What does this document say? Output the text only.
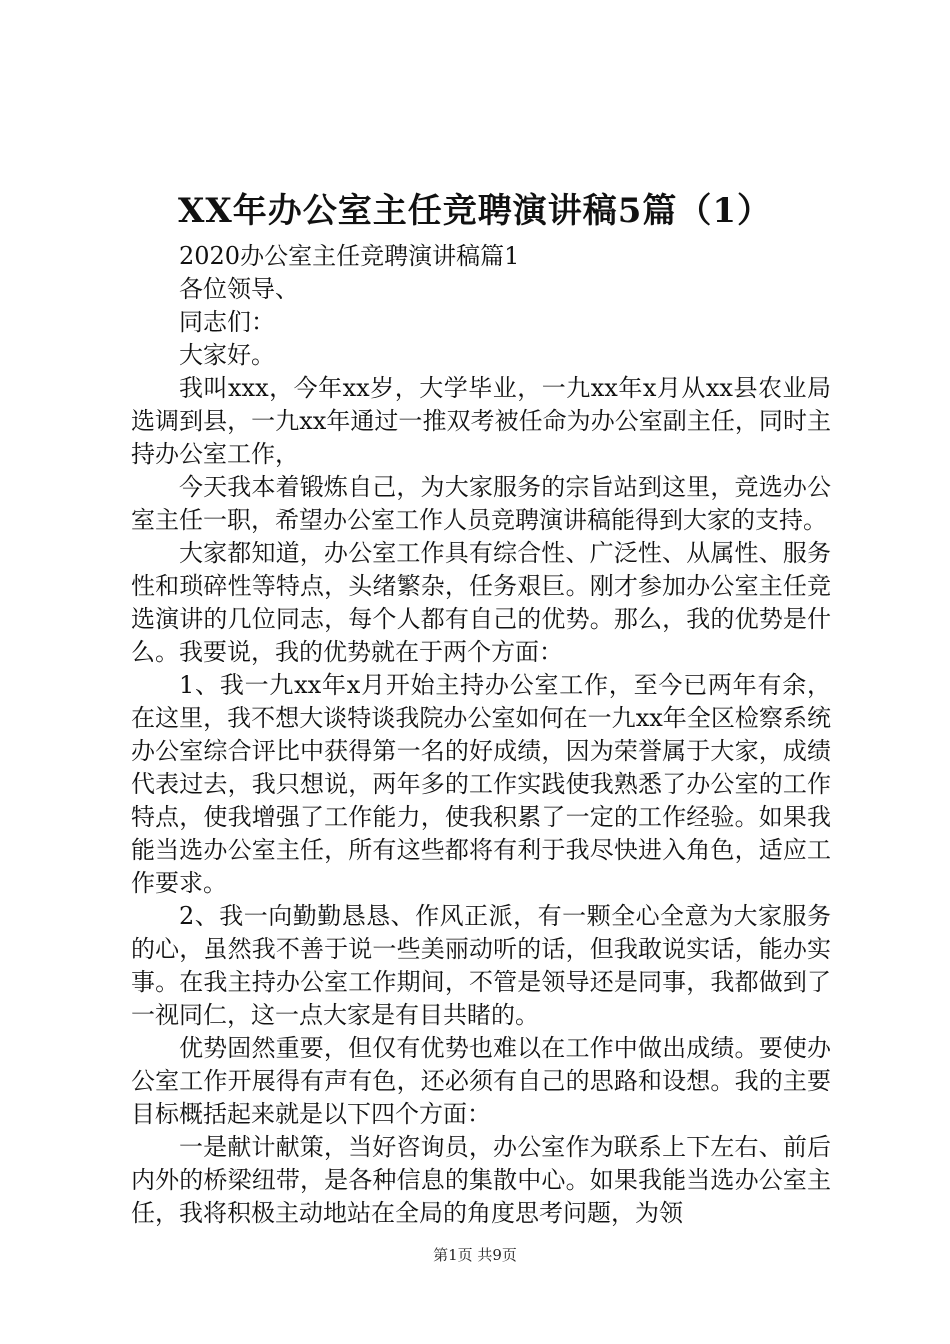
XX年办公室主任竞聘演讲稿5篇（1）

2020办公室主任竞聘演讲稿篇1

各位领导、

同志们：

大家好。

我叫xxx，今年xx岁，大学毕业，一九xx年x月从xx县农业局选调到县，一九xx年通过一推双考被任命为办公室副主任，同时主持办公室工作，

今天我本着锻炼自己，为大家服务的宗旨站到这里，竞选办公室主任一职，希望办公室工作人员竞聘演讲稿能得到大家的支持。

大家都知道，办公室工作具有综合性、广泛性、从属性、服务性和琐碎性等特点，头绪繁杂，任务艰巨。刚才参加办公室主任竞选演讲的几位同志，每个人都有自己的优势。那么，我的优势是什么。我要说，我的优势就在于两个方面：

1、我一九xx年x月开始主持办公室工作，至今已两年有余，在这里，我不想大谈特谈我院办公室如何在一九xx年全区检察系统办公室综合评比中获得第一名的好成绩，因为荣誉属于大家，成绩代表过去，我只想说，两年多的工作实践使我熟悉了办公室的工作特点，使我增强了工作能力，使我积累了一定的工作经验。如果我能当选办公室主任，所有这些都将有利于我尽快进入角色，适应工作要求。

2、我一向勤勤恳恳、作风正派，有一颗全心全意为大家服务的心，虽然我不善于说一些美丽动听的话，但我敢说实话，能办实事。在我主持办公室工作期间，不管是领导还是同事，我都做到了一视同仁，这一点大家是有目共睹的。

优势固然重要，但仅有优势也难以在工作中做出成绩。要使办公室工作开展得有声有色，还必须有自己的思路和设想。我的主要目标概括起来就是以下四个方面：

一是献计献策，当好咨询员，办公室作为联系上下左右、前后内外的桥梁纽带，是各种信息的集散中心。如果我能当选办公室主任，我将积极主动地站在全局的角度思考问题，为领

第1页 共9页
